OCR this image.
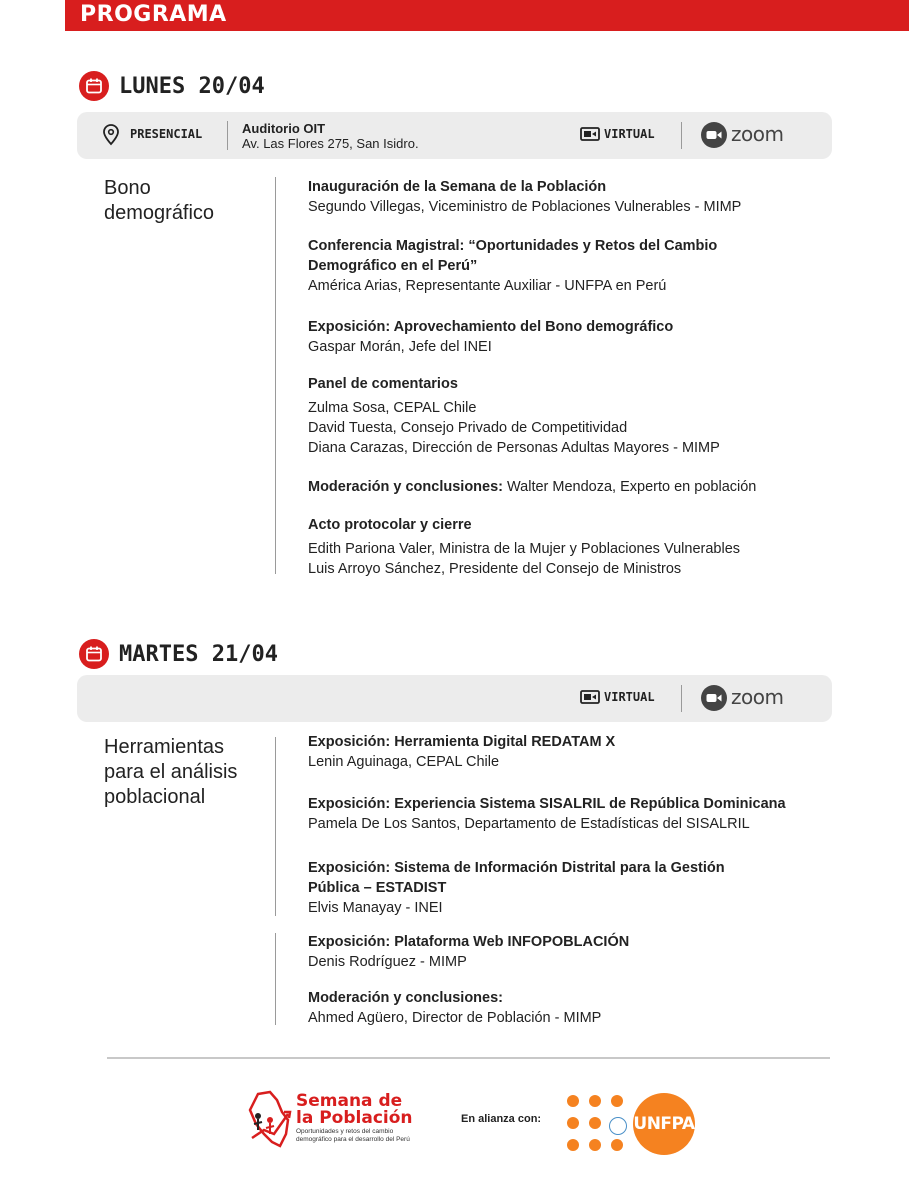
PROGRAMA
LUNES 20/04
PRESENCIAL	Auditorio OIT
Av. Las Flores 275, San Isidro.
VIRTUAL	zoom
Bono
demográfico
Inauguración de la Semana de la Población
Segundo Villegas, Viceministro de Poblaciones Vulnerables - MIMP
Conferencia Magistral: “Oportunidades y Retos del Cambio
Demográfico en el Perú”
América Arias, Representante Auxiliar - UNFPA en Perú
Exposición: Aprovechamiento del Bono demográfico
Gaspar Morán, Jefe del INEI
Panel de comentarios
Zulma Sosa, CEPAL Chile
David Tuesta, Consejo Privado de Competitividad
Diana Carazas, Dirección de Personas Adultas Mayores - MIMP
Moderación y conclusiones: Walter Mendoza, Experto en población
Acto protocolar y cierre
Edith Pariona Valer, Ministra de la Mujer y Poblaciones Vulnerables
Luis Arroyo Sánchez, Presidente del Consejo de Ministros
MARTES 21/04
VIRTUAL	zoom
Herramientas
para el análisis
poblacional
Exposición: Herramienta Digital REDATAM X
Lenin Aguinaga, CEPAL Chile
Exposición: Experiencia Sistema SISALRIL de República Dominicana
Pamela De Los Santos, Departamento de Estadísticas del SISALRIL
Exposición: Sistema de Información Distrital para la Gestión
Pública – ESTADIST
Elvis Manayay - INEI
Exposición: Plataforma Web INFOPOBLACIÓN
Denis Rodríguez - MIMP
Moderación y conclusiones:
Ahmed Agüero, Director de Población - MIMP
Semana de
la Población
Oportunidades y retos del cambio demográfico para el desarrollo del Perú
En alianza con:	UNFPA
